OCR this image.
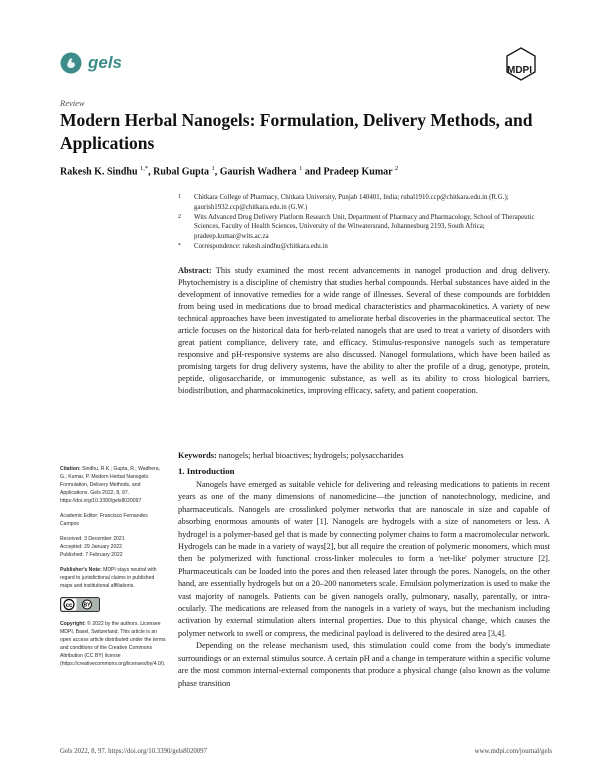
gels	MDPI
Review
Modern Herbal Nanogels: Formulation, Delivery Methods, and Applications
Rakesh K. Sindhu $^{1,*}$, Rubal Gupta $^1$, Gaurish Wadhera $^1$ and Pradeep Kumar $^2$
1 Chitkara College of Pharmacy, Chitkara University, Punjab 140401, India; rubal1910.ccp@chitkara.edu.in (R.G.); gaurish1932.ccp@chitkara.edu.in (G.W.)
2 Wits Advanced Drug Delivery Platform Research Unit, Department of Pharmacy and Pharmacology, School of Therapeutic Sciences, Faculty of Health Sciences, University of the Witwatersrand, Johannesburg 2193, South Africa; pradeep.kumar@wits.ac.za
* Correspondence: rakesh.sindhu@chitkara.edu.in
Abstract: This study examined the most recent advancements in nanogel production and drug delivery. Phytochemistry is a discipline of chemistry that studies herbal compounds. Herbal substances have aided in the development of innovative remedies for a wide range of illnesses. Several of these compounds are forbidden from being used in medications due to broad medical characteristics and pharmacokinetics. A variety of new technical approaches have been investigated to ameliorate herbal discoveries in the pharmaceutical sector. The article focuses on the historical data for herb-related nanogels that are used to treat a variety of disorders with great patient compliance, delivery rate, and efficacy. Stimulus-responsive nanogels such as temperature responsive and pH-responsive systems are also discussed. Nanogel formulations, which have been hailed as promising targets for drug delivery systems, have the ability to alter the profile of a drug, genotype, protein, peptide, oligosaccharide, or immunogenic substance, as well as its ability to cross biological barriers, biodistribution, and pharmacokinetics, improving efficacy, safety, and patient cooperation.
Keywords: nanogels; herbal bioactives; hydrogels; polysaccharides

Citation: Sindhu, R.K.; Gupta, R.; Wadhera, G.; Kumar, P. Modern Herbal Nanogels: Formulation, Delivery Methods, and Applications. Gels 2022, 8, 97. https://doi.org/10.3390/gels8020097

Academic Editor: Francisco Fernandes Campos

Received: 3 December 2021
Accepted: 29 January 2022
Published: 7 February 2022

Publisher's Note: MDPI stays neutral with regard to jurisdictional claims in published maps and institutional affiliations.

cc BY

Copyright: © 2022 by the authors. Licensee MDPI, Basel, Switzerland. This article is an open access article distributed under the terms and conditions of the Creative Commons Attribution (CC BY) license (https://creativecommons.org/licenses/by/4.0/).

1. Introduction

Nanogels have emerged as suitable vehicle for delivering and releasing medications to patients in recent years as one of the many dimensions of nanomedicine—the junction of nanotechnology, medicine, and pharmaceuticals. Nanogels are crosslinked polymer networks that are nanoscale in size and capable of absorbing enormous amounts of water [1]. Nanogels are hydrogels with a size of nanometers or less. A hydrogel is a polymer-based gel that is made by connecting polymer chains to form a macromolecular network. Hydrogels can be made in a variety of ways[2], but all require the creation of polymeric monomers, which must then be polymerized with functional cross-linker molecules to form a 'net-like' polymer structure [2]. Pharmaceuticals can be loaded into the pores and then released later through the pores. Nanogels, on the other hand, are essentially hydrogels but on a 20–200 nanometers scale. Emulsion polymerization is used to make the vast majority of nanogels. Patients can be given nanogels orally, pulmonary, nasally, parentally, or intra-ocularly. The medications are released from the nanogels in a variety of ways, but the mechanism including activation by external stimulation alters internal properties. Due to this physical change, which causes the polymer network to swell or compress, the medicinal payload is delivered to the desired area [3,4].

Depending on the release mechanism used, this stimulation could come from the body's immediate surroundings or an external stimulus source. A certain pH and a change in temperature within a specific volume are the most common internal-external components that produce a physical change (also known as the volume phase transition

Gels 2022, 8, 97. https://doi.org/10.3390/gels8020097	www.mdpi.com/journal/gels
